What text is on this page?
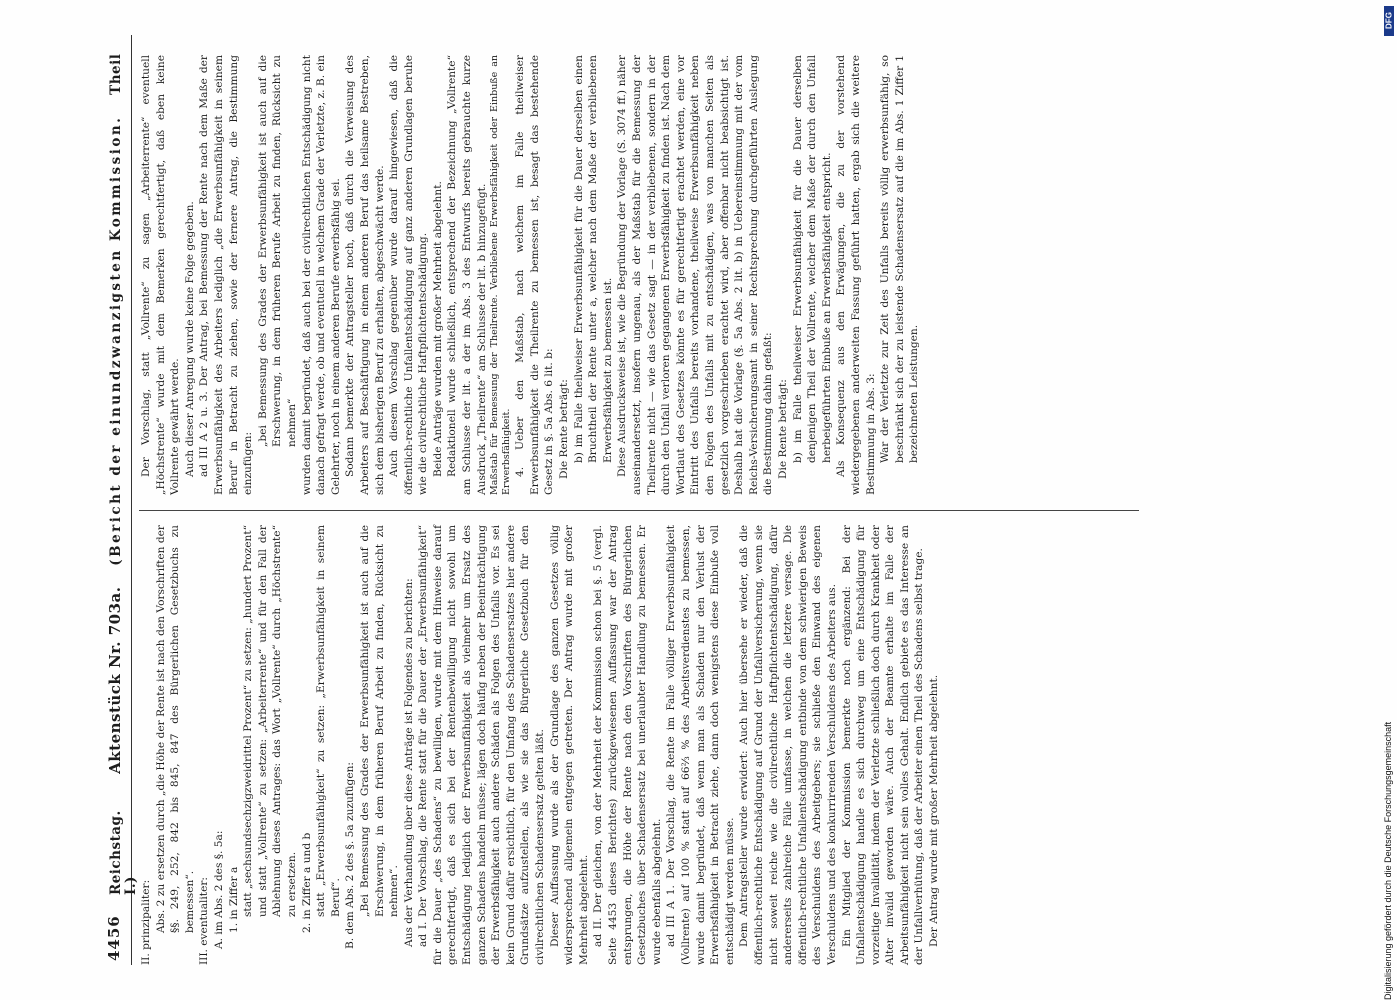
4456
Reichstag.       Aktenstück Nr. 703a.    (Bericht der einundzwanzigsten Kommission.    Theil I.) II. prinzipaliter: Abs. 2 zu ersetzen durch „die Höhe der Rente ist nach den Vorschriften der §§. 249, 252, 842 bis 845, 847 des Bürgerlichen Gesetzbuchs zu bemessen“. III. eventualiter: A. im Abs. 2 des §. 5a: 1. in Ziffer a statt „sechsundsechzigzweidrittel Prozent“ zu setzen: „hundert Prozent“ und statt „Vollrente“ zu setzen: „Arbeiterrente“ und für den Fall der Ablehnung dieses Antrages: das Wort „Vollrente“ durch „Höchstrente“ zu ersetzen. 2. in Ziffer a und b statt „Erwerbsunfähigkeit“ zu setzen: „Erwerbsunfähigkeit in seinem Beruf“. B. dem Abs. 2 des §. 5a zuzufügen: „Bei Bemessung des Grades der Erwerbsunfähigkeit ist auch auf die Erschwerung, in dem früheren Beruf Arbeit zu finden, Rücksicht zu nehmen“. Aus der Verhandlung über diese Anträge ist Folgendes zu berichten: ad I. Der Vorschlag, die Rente statt für die Dauer der „Erwerbsunfähigkeit“ für die Dauer „des Schadens“ zu bewilligen, wurde mit dem Hinweise darauf gerechtfertigt, daß es sich bei der Rentenbewilligung nicht sowohl um Entschädigung lediglich der Erwerbsunfähigkeit als vielmehr um Ersatz des ganzen Schadens handeln müsse; lägen doch häufig neben der Beeinträchtigung der Erwerbsfähigkeit auch andere Schäden als Folgen des Unfalls vor. Es sei kein Grund dafür ersichtlich, für den Umfang des Schadensersatzes hier andere Grundsätze aufzustellen, als wie sie das Bürgerliche Gesetzbuch für den civilrechtlichen Schadensersatz gelten läßt. Dieser Auffassung wurde als der Grundlage des ganzen Gesetzes völlig widersprechend allgemein entgegen getreten. Der Antrag wurde mit großer Mehrheit abgelehnt. ad II. Der gleichen, von der Mehrheit der Kommission schon bei §. 5 (vergl. Seite 4453 dieses Berichtes) zurückgewiesenen Auffassung war der Antrag entsprungen, die Höhe der Rente nach den Vorschriften des Bürgerlichen Gesetzbuches über Schadensersatz bei unerlaubter Handlung zu bemessen. Er wurde ebenfalls abgelehnt. ad III A 1. Der Vorschlag, die Rente im Falle völliger Erwerbsunfähigkeit (Vollrente) auf 100 % statt auf 66⅔ % des Arbeitsverdienstes zu bemessen, wurde damit begründet, daß wenn man als Schaden nur den Verlust der Erwerbsfähigkeit in Betracht ziehe, dann doch wenigstens diese Einbuße voll entschädigt werden müsse. Dem Antragsteller wurde erwidert: Auch hier übersehe er wieder, daß die öffentlich-rechtliche Entschädigung auf Grund der Unfallversicherung, wenn sie nicht soweit reiche wie die civilrechtliche Haftpflichtentschädigung, dafür andererseits zahlreiche Fälle umfasse, in welchen die letztere versage. Die öffentlich-rechtliche Unfallentschädigung entbinde von dem schwierigen Beweis des Verschuldens des Arbeitgebers; sie schließe den Einwand des eigenen Verschuldens und des konkurrirenden Verschuldens des Arbeiters aus. Ein Mitglied der Kommission bemerkte noch ergänzend: Bei der Unfallentschädigung handle es sich durchweg um eine Entschädigung für vorzeitige Invalidität, indem der Verletzte schließlich doch durch Krankheit oder Alter invalid geworden wäre. Auch der Beamte erhalte im Falle der Arbeitsunfähigkeit nicht sein volles Gehalt. Endlich gebiete es das Interesse an der Unfallverhütung, daß der Arbeiter einen Theil des Schadens selbst trage. Der Antrag wurde mit großer Mehrheit abgelehnt.

Der Vorschlag, statt „Vollrente“ zu sagen „Arbeiterrente“ eventuell „Höchstrente“ wurde mit dem Bemerken gerechtfertigt, daß eben keine Vollrente gewährt werde. Auch dieser Anregung wurde keine Folge gegeben. ad III A 2 u. 3. Der Antrag, bei Bemessung der Rente nach dem Maße der Erwerbsunfähigkeit des Arbeiters lediglich „die Erwerbsunfähigkeit in seinem Beruf“ in Betracht zu ziehen, sowie der fernere Antrag, die Bestimmung einzufügen:

„bei Bemessung des Grades der Erwerbsunfähigkeit ist auch auf die Erschwerung, in dem früheren Berufe Arbeit zu finden, Rücksicht zu nehmen“ wurden damit begründet, daß auch bei der civilrechtlichen Entschädigung nicht danach gefragt werde, ob und eventuell in welchem Grade der Verletzte, z. B. ein Gelehrter, noch in einem anderen Berufe erwerbsfähig sei. Sodann bemerkte der Antragsteller noch, daß durch die Verweisung des Arbeiters auf Beschäftigung in einem anderen Beruf das heilsame Bestreben, sich dem bisherigen Beruf zu erhalten, abgeschwächt werde. Auch diesem Vorschlag gegenüber wurde darauf hingewiesen, daß die öffentlich-rechtliche Unfallentschädigung auf ganz anderen Grundlagen beruhe wie die civilrechtliche Haftpflichtentschädigung. Beide Anträge wurden mit großer Mehrheit abgelehnt. Redaktionell wurde schließlich, entsprechend der Bezeichnung „Vollrente“ am Schlusse der lit. a der im Abs. 3 des Entwurfs bereits gebrauchte kurze Ausdruck „Theilrente“ am Schlusse der lit. b hinzugefügt. Maßstab für Bemessung der Theilrente. Verbliebene Erwerbsfähigkeit oder Einbuße an Erwerbsfähigkeit. 4. Ueber den Maßstab, nach welchem im Falle theilweiser Erwerbsunfähigkeit die Theilrente zu bemessen ist, besagt das bestehende Gesetz in §. 5a Abs. 6 lit. b: Die Rente beträgt: b) im Falle theilweiser Erwerbsunfähigkeit für die Dauer derselben einen Bruchtheil der Rente unter a, welcher nach dem Maße der verbliebenen Erwerbsfähigkeit zu bemessen ist. Diese Ausdrucksweise ist, wie die Begründung der Vorlage (S. 3074 ff.) näher auseinandersetzt, insofern ungenau, als der Maßstab für die Bemessung der Theilrente nicht — wie das Gesetz sagt — in der verbliebenen, sondern in der durch den Unfall verloren gegangenen Erwerbsfähigkeit zu finden ist. Nach dem Wortlaut des Gesetzes könnte es für gerechtfertigt erachtet werden, eine vor Eintritt des Unfalls bereits vorhandene, theilweise Erwerbsunfähigkeit neben den Folgen des Unfalls mit zu entschädigen, was von manchen Seiten als gesetzlich vorgeschrieben erachtet wird, aber offenbar nicht beabsichtigt ist. Deshalb hat die Vorlage (§. 5a Abs. 2 lit. b) in Uebereinstimmung mit der vom Reichs-Versicherungsamt in seiner Rechtsprechung durchgeführten Auslegung die Bestimmung dahin gefaßt: Die Rente beträgt: b) im Falle theilweiser Erwerbsunfähigkeit für die Dauer derselben denjenigen Theil der Vollrente, welcher dem Maße der durch den Unfall herbeigeführten Einbuße an Erwerbsfähigkeit entspricht. Als Konsequenz aus den Erwägungen, die zu der vorstehend wiedergegebenen anderweiten Fassung geführt hatten, ergab sich die weitere Bestimmung in Abs. 3: War der Verletzte zur Zeit des Unfalls bereits völlig erwerbsunfähig, so beschränkt sich der zu leistende Schadensersatz auf die im Abs. 1 Ziffer 1 bezeichneten Leistungen.

Digitalisierung gefördert durch die Deutsche Forschungsgemeinschaft
DFG
